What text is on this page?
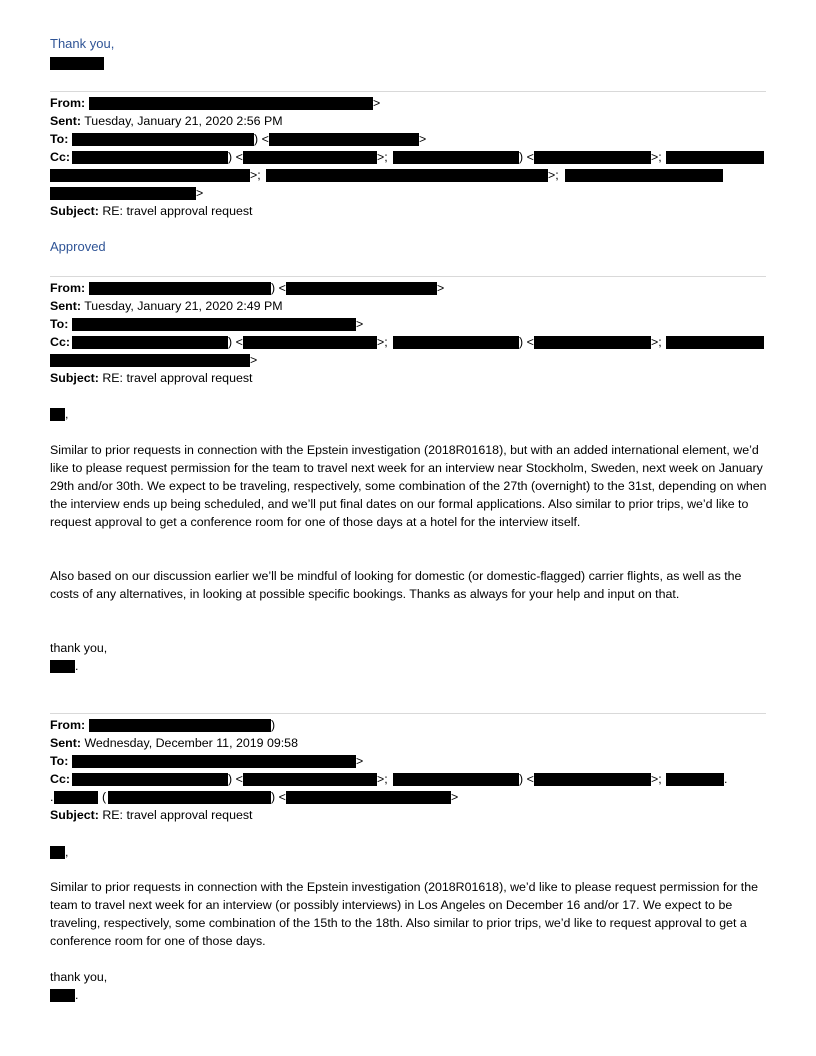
Thank you,
From:	>
Sent: Tuesday, January 21, 2020 2:56 PM
To:	) <	>
Cc:	) <	>;	) <	>;
>;	>;
>
Subject: RE: travel approval request
Approved
From:	) <	>
Sent: Tuesday, January 21, 2020 2:49 PM
To:	>
Cc:	) <	>;	) <	>;
>
Subject: RE: travel approval request
,
Similar to prior requests in connection with the Epstein investigation (2018R01618), but with an added international element, we’d like to please request permission for the team to travel next week for an interview near Stockholm, Sweden, next week on January 29th and/or 30th. We expect to be traveling, respectively, some combination of the 27th (overnight) to the 31st, depending on when the interview ends up being scheduled, and we’ll put final dates on our formal applications. Also similar to prior trips, we’d like to request approval to get a conference room for one of those days at a hotel for the interview itself.
Also based on our discussion earlier we’ll be mindful of looking for domestic (or domestic-flagged) carrier flights, as well as the costs of any alternatives, in looking at possible specific bookings. Thanks as always for your help and input on that.
thank you,
.
From:	)
Sent: Wednesday, December 11, 2019 09:58
To:	>
Cc:	) <	>;	) <	>;	.
.	(	) <	>
Subject: RE: travel approval request
,
Similar to prior requests in connection with the Epstein investigation (2018R01618), we’d like to please request permission for the team to travel next week for an interview (or possibly interviews) in Los Angeles on December 16 and/or 17. We expect to be traveling, respectively, some combination of the 15th to the 18th. Also similar to prior trips, we’d like to request approval to get a conference room for one of those days.
thank you,
.
